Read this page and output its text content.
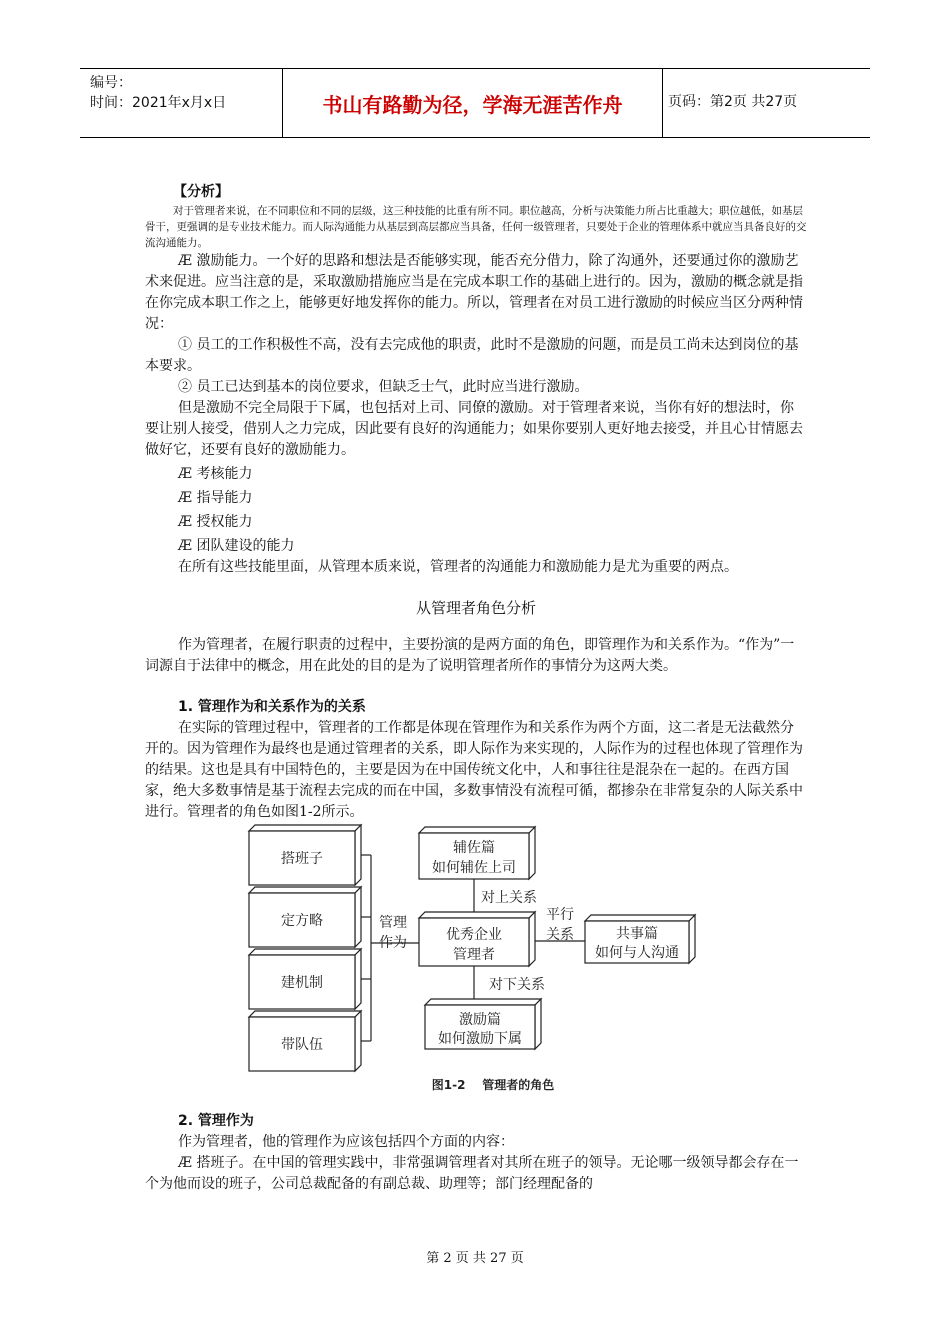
编号：
时间：2021年x月x日	书山有路勤为径，学海无涯苦作舟	页码：第2页 共27页

【分析】

对于管理者来说，在不同职位和不同的层级，这三种技能的比重有所不同。职位越高，分析与决策能力所占比重越大；职位越低，如基层骨干，更强调的是专业技术能力。而人际沟通能力从基层到高层都应当具备，任何一级管理者，只要处于企业的管理体系中就应当具备良好的交流沟通能力。

Æ 激励能力。一个好的思路和想法是否能够实现，能否充分借力，除了沟通外，还要通过你的激励艺术来促进。应当注意的是，采取激励措施应当是在完成本职工作的基础上进行的。因为，激励的概念就是指在你完成本职工作之上，能够更好地发挥你的能力。所以，管理者在对员工进行激励的时候应当区分两种情况：

① 员工的工作积极性不高，没有去完成他的职责，此时不是激励的问题，而是员工尚未达到岗位的基本要求。

② 员工已达到基本的岗位要求，但缺乏士气，此时应当进行激励。

但是激励不完全局限于下属，也包括对上司、同僚的激励。对于管理者来说，当你有好的想法时，你要让别人接受，借别人之力完成，因此要有良好的沟通能力；如果你要别人更好地去接受，并且心甘情愿去做好它，还要有良好的激励能力。

Æ 考核能力

Æ 指导能力

Æ 授权能力

Æ 团队建设的能力

在所有这些技能里面，从管理本质来说，管理者的沟通能力和激励能力是尤为重要的两点。

从管理者角色分析

作为管理者，在履行职责的过程中，主要扮演的是两方面的角色，即管理作为和关系作为。“作为”一词源自于法律中的概念，用在此处的目的是为了说明管理者所作的事情分为这两大类。

1. 管理作为和关系作为的关系

在实际的管理过程中，管理者的工作都是体现在管理作为和关系作为两个方面，这二者是无法截然分开的。因为管理作为最终也是通过管理者的关系，即人际作为来实现的，人际作为的过程也体现了管理作为的结果。这也是具有中国特色的，主要是因为在中国传统文化中，人和事往往是混杂在一起的。在西方国家，绝大多数事情是基于流程去完成的而在中国，多数事情没有流程可循，都掺杂在非常复杂的人际关系中进行。管理者的角色如图1-2所示。

搭班子
定方略
建机制
带队伍
管理
作为
辅佐篇
如何辅佐上司
对上关系
优秀企业
管理者
平行
关系	共事篇
如何与人沟通
对下关系
激励篇
如何激励下属
图1-2    管理者的角色

2. 管理作为

作为管理者，他的管理作为应该包括四个方面的内容：

Æ 搭班子。在中国的管理实践中，非常强调管理者对其所在班子的领导。无论哪一级领导都会存在一个为他而设的班子，公司总裁配备的有副总裁、助理等；部门经理配备的

第 2 页 共 27 页
